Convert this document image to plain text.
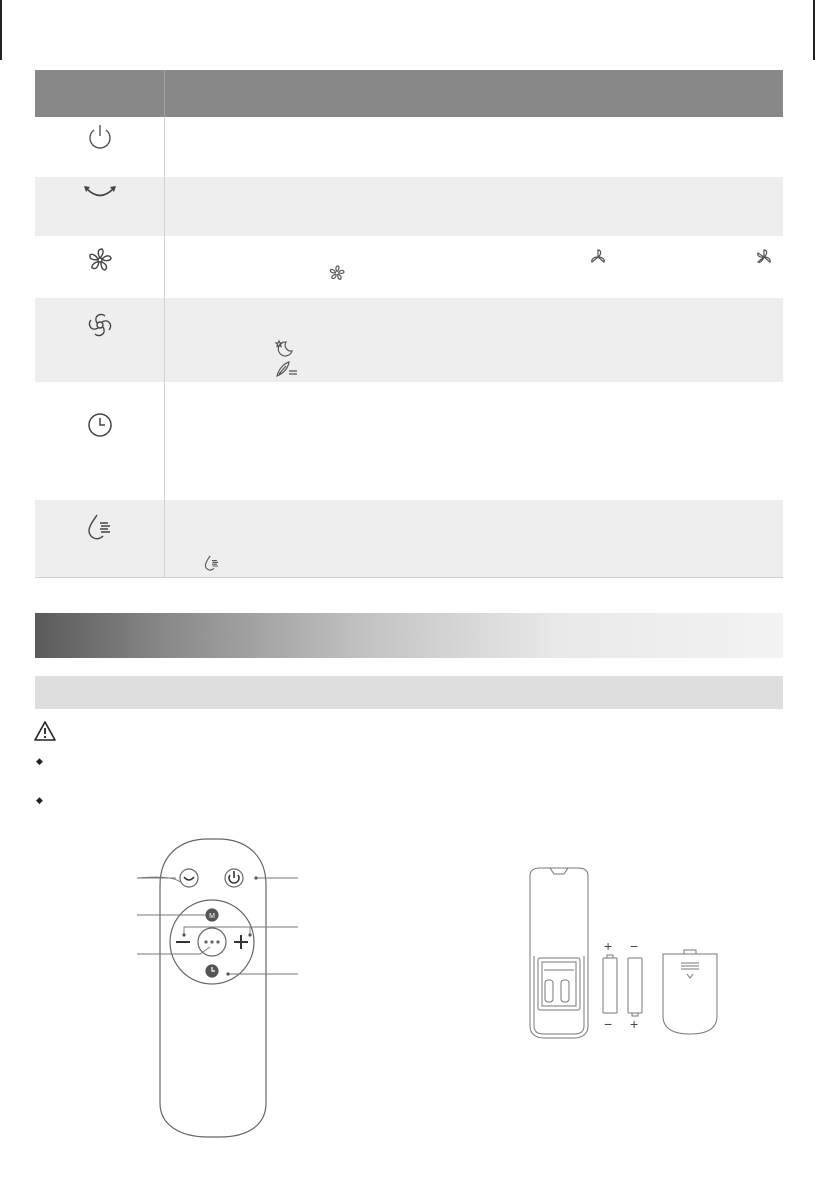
◆
◆
M
+ −
− +
